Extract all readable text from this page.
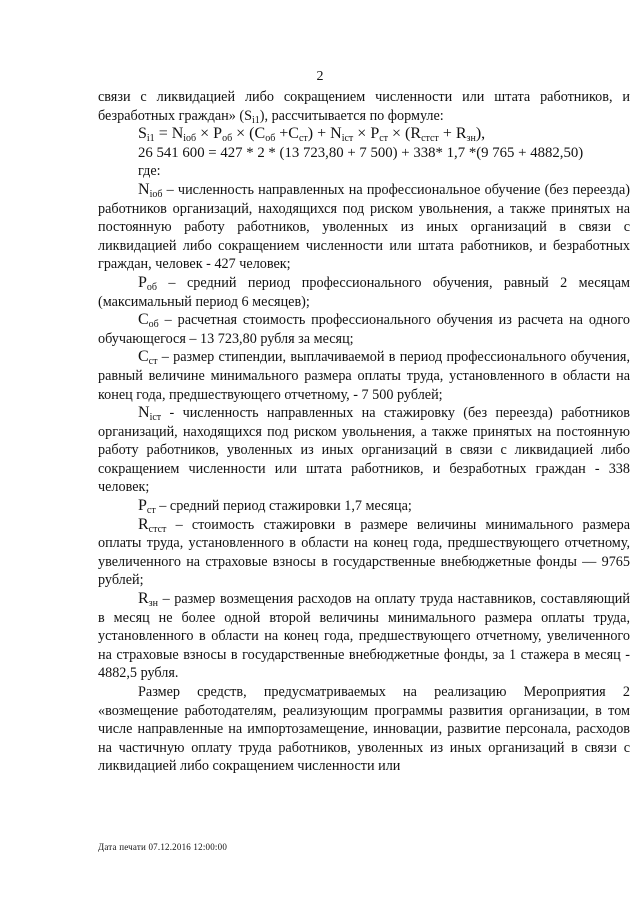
2

связи с ликвидацией либо сокращением численности или штата работников, и безработных граждан» $(S_{i1})$, рассчитывается по формуле:

$S_{i1} = N_{iоб} \times P_{об} \times (C_{об} +C_{ст}) + N_{iст} \times P_{ст} \times (R_{стст} + R_{зн})$,

26 541 600 = 427 * 2 * (13 723,80 + 7 500) + 338* 1,7 *(9 765 + 4882,50)

где:

$N_{iоб}$ – численность направленных на профессиональное обучение (без переезда) работников организаций, находящихся под риском увольнения, а также принятых на постоянную работу работников, уволенных из иных организаций в связи с ликвидацией либо сокращением численности или штата работников, и безработных граждан, человек - 427 человек;

$P_{об}$ – средний период профессионального обучения, равный 2 месяцам (максимальный период 6 месяцев);

$C_{об}$ – расчетная стоимость профессионального обучения из расчета на одного обучающегося – 13 723,80 рубля за месяц;

$C_{ст}$ – размер стипендии, выплачиваемой в период профессионального обучения, равный величине минимального размера оплаты труда, установленного в области на конец года, предшествующего отчетному, - 7 500 рублей;

$N_{iст}$ - численность направленных на стажировку (без переезда) работников организаций, находящихся под риском увольнения, а также принятых на постоянную работу работников, уволенных из иных организаций в связи с ликвидацией либо сокращением численности или штата работников, и безработных граждан - 338 человек;

$P_{ст}$ – средний период стажировки 1,7 месяца;

$R_{стст}$ – стоимость стажировки в размере величины минимального размера оплаты труда, установленного в области на конец года, предшествующего отчетному, увеличенного на страховые взносы в государственные внебюджетные фонды — 9765 рублей;

$R_{зн}$ – размер возмещения расходов на оплату труда наставников, составляющий в месяц не более одной второй величины минимального размера оплаты труда, установленного в области на конец года, предшествующего отчетному, увеличенного на страховые взносы в государственные внебюджетные фонды, за 1 стажера в месяц - 4882,5 рубля.

Размер средств, предусматриваемых на реализацию Мероприятия 2 «возмещение работодателям, реализующим программы развития организации, в том числе направленные на импортозамещение, инновации, развитие персонала, расходов на частичную оплату труда работников, уволенных из иных организаций в связи с ликвидацией либо сокращением численности или

Дата печати 07.12.2016 12:00:00
